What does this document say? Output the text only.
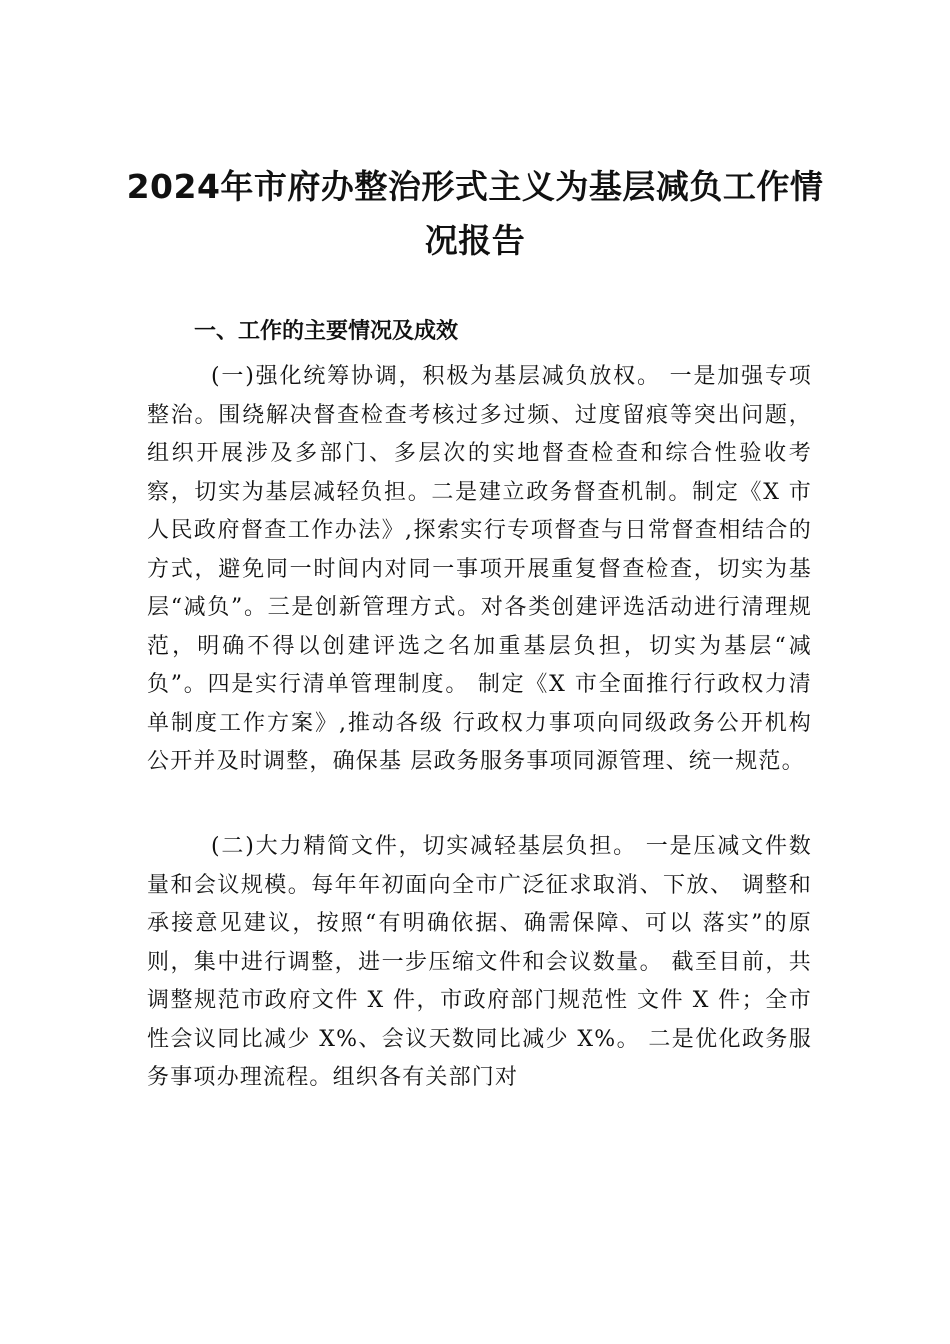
2024年市府办整治形式主义为基层减负工作情况报告
一、工作的主要情况及成效

(一)强化统筹协调，积极为基层减负放权。 一是加强专项整治。围绕解决督查检查考核过多过频、过度留痕等突出问题，组织开展涉及多部门、多层次的实地督查检查和综合性验收考察，切实为基层减轻负担。二是建立政务督查机制。制定《X 市人民政府督查工作办法》,探索实行专项督查与日常督查相结合的方式，避免同一时间内对同一事项开展重复督查检查，切实为基层“减负”。三是创新管理方式。对各类创建评选活动进行清理规范，明确不得以创建评选之名加重基层负担，切实为基层“减负”。四是实行清单管理制度。 制定《X 市全面推行行政权力清单制度工作方案》,推动各级 行政权力事项向同级政务公开机构公开并及时调整，确保基 层政务服务事项同源管理、统一规范。

(二)大力精简文件，切实减轻基层负担。 一是压减文件数量和会议规模。每年年初面向全市广泛征求取消、下放、 调整和承接意见建议，按照“有明确依据、确需保障、可以 落实”的原则，集中进行调整，进一步压缩文件和会议数量。 截至目前，共调整规范市政府文件 X 件，市政府部门规范性 文件 X 件；全市性会议同比减少 X%、会议天数同比减少 X%。 二是优化政务服务事项办理流程。组织各有关部门对
